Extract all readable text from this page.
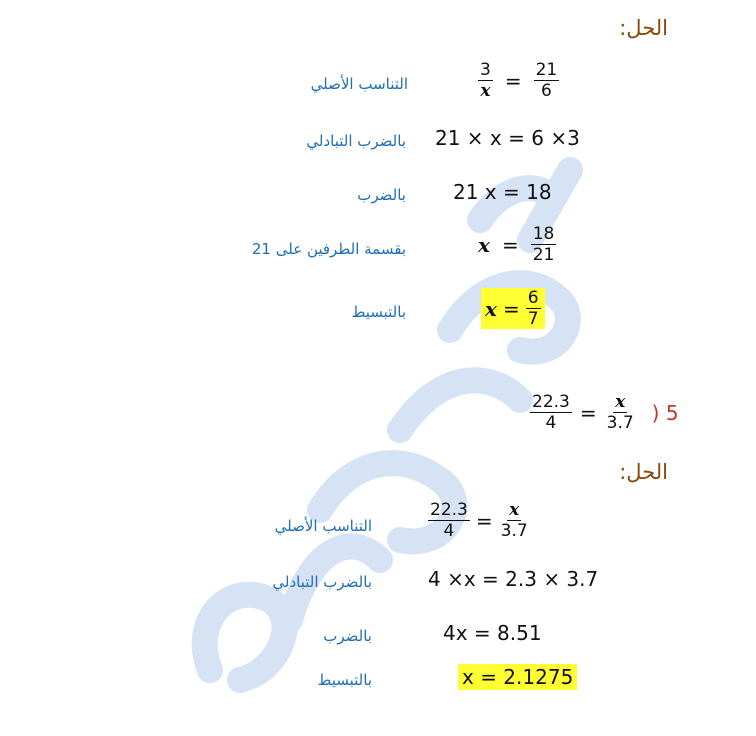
الحل:
التناسب الأصلي	$\frac{3}{x} = \frac{21}{6}$
بالضرب التبادلي 21 × x = 6 ×3
بالضرب 21 x = 18
بقسمة الطرفين على 21	$x = \frac{18}{21}$
بالتبسيط	$x = \frac{6}{7}$
$\frac{22.3}{4} = \frac{x}{3.7}$ ) 5
الحل:
التناسب الأصلي	$\frac{22.3}{4} = \frac{x}{3.7}$
بالضرب التبادلي	4 ×x = 2.3 × 3.7
بالضرب	4x = 8.51
بالتبسيط	x = 2.1275
